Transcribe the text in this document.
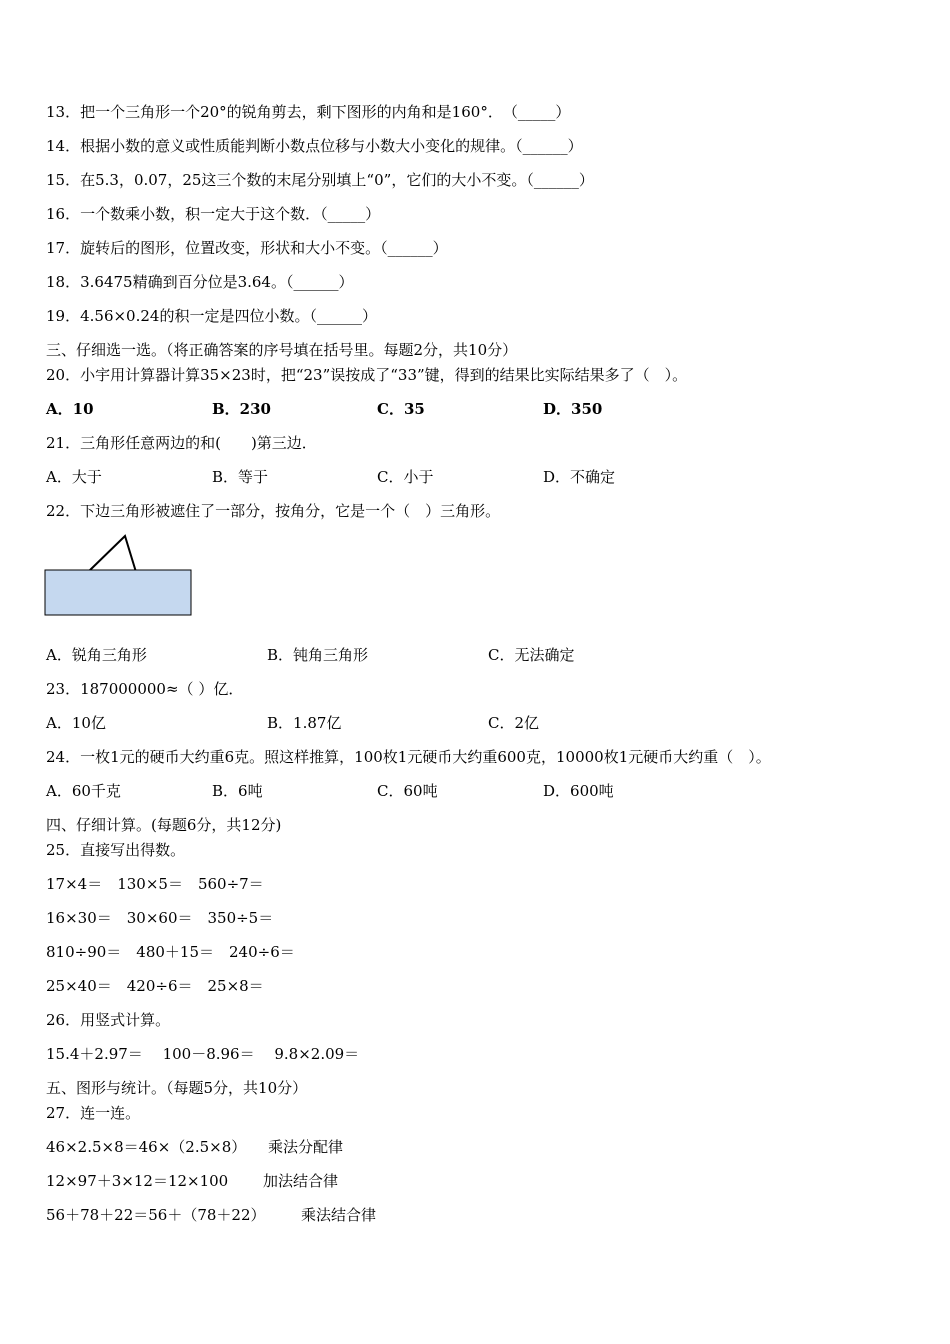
13．把一个三角形一个20°的锐角剪去，剩下图形的内角和是160°．　（_____）
14．根据小数的意义或性质能判断小数点位移与小数大小变化的规律。（______）
15．在5.3，0.07，25这三个数的末尾分别填上“0”，它们的大小不变。（______）
16．一个数乘小数，积一定大于这个数．（_____）
17．旋转后的图形，位置改变，形状和大小不变。（______）
18．3.6475精确到百分位是3.64。（______）
19．4.56×0.24的积一定是四位小数。（______）
三、仔细选一选。（将正确答案的序号填在括号里。每题2分，共10分）
20．小宇用计算器计算35×23时，把“23”误按成了“33”键，得到的结果比实际结果多了（　）。
A．10	B．230	C．35	D．350
21．三角形任意两边的和(　　)第三边．
A．大于	B．等于	C．小于	D．不确定
22．下边三角形被遮住了一部分，按角分，它是一个（　）三角形。
A．锐角三角形	B．钝角三角形	C．无法确定
23．187000000≈（ ）亿．
A．10亿	B．1.87亿	C．2亿
24．一枚1元的硬币大约重6克。照这样推算，100枚1元硬币大约重600克，10000枚1元硬币大约重（　）。
A．60千克	B．6吨	C．60吨	D．600吨
四、仔细计算。(每题6分，共12分)
25．直接写出得数。
17×4＝　130×5＝　560÷7＝
16×30＝　30×60＝　350÷5＝
810÷90＝　480＋15＝　240÷6＝
25×40＝　420÷6＝　25×8＝
26．用竖式计算。
15.4＋2.97＝　 100－8.96＝　 9.8×2.09＝
五、图形与统计。（每题5分，共10分）
27．连一连。
46×2.5×8＝46×（2.5×8） 乘法分配律
12×97＋3×12＝12×100 加法结合律
56＋78＋22＝56＋（78＋22） 乘法结合律
